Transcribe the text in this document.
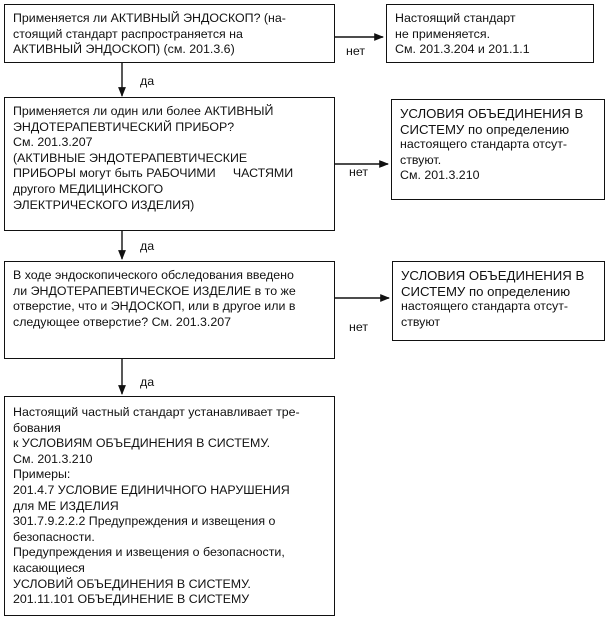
Применяется ли АКТИВНЫЙ ЭНДОСКОП? (на-
стоящий стандарт распространяется на
АКТИВНЫЙ ЭНДОСКОП) (см. 201.3.6)
Настоящий стандарт
не применяется.
См. 201.3.204 и 201.1.1
Применяется ли один или более АКТИВНЫЙ
ЭНДОТЕРАПЕВТИЧЕСКИЙ ПРИБОР?
См. 201.3.207
(АКТИВНЫЕ ЭНДОТЕРАПЕВТИЧЕСКИЕ
ПРИБОРЫ могут быть РАБОЧИМИ     ЧАСТЯМИ
другого МЕДИЦИНСКОГО
ЭЛЕКТРИЧЕСКОГО ИЗДЕЛИЯ)
УСЛОВИЯ ОБЪЕДИНЕНИЯ В
СИСТЕМУ по определению
настоящего стандарта отсут-
ствуют.
См. 201.3.210
В ходе эндоскопического обследования введено
ли ЭНДОТЕРАПЕВТИЧЕСКОЕ ИЗДЕЛИЕ в то же
отверстие, что и ЭНДОСКОП, или в другое или в
следующее отверстие? См. 201.3.207
УСЛОВИЯ ОБЪЕДИНЕНИЯ В
СИСТЕМУ по определению
настоящего стандарта отсут-
ствуют
Настоящий частный стандарт устанавливает тре-
бования
к УСЛОВИЯМ ОБЪЕДИНЕНИЯ В СИСТЕМУ.
См. 201.3.210
Примеры:
201.4.7 УСЛОВИЕ ЕДИНИЧНОГО НАРУШЕНИЯ
для МЕ ИЗДЕЛИЯ
301.7.9.2.2.2 Предупреждения и извещения о
безопасности.
Предупреждения и извещения о безопасности,
касающиеся
УСЛОВИЙ ОБЪЕДИНЕНИЯ В СИСТЕМУ.
201.11.101 ОБЪЕДИНЕНИЕ В СИСТЕМУ
нет
да
нет
да
нет
да
